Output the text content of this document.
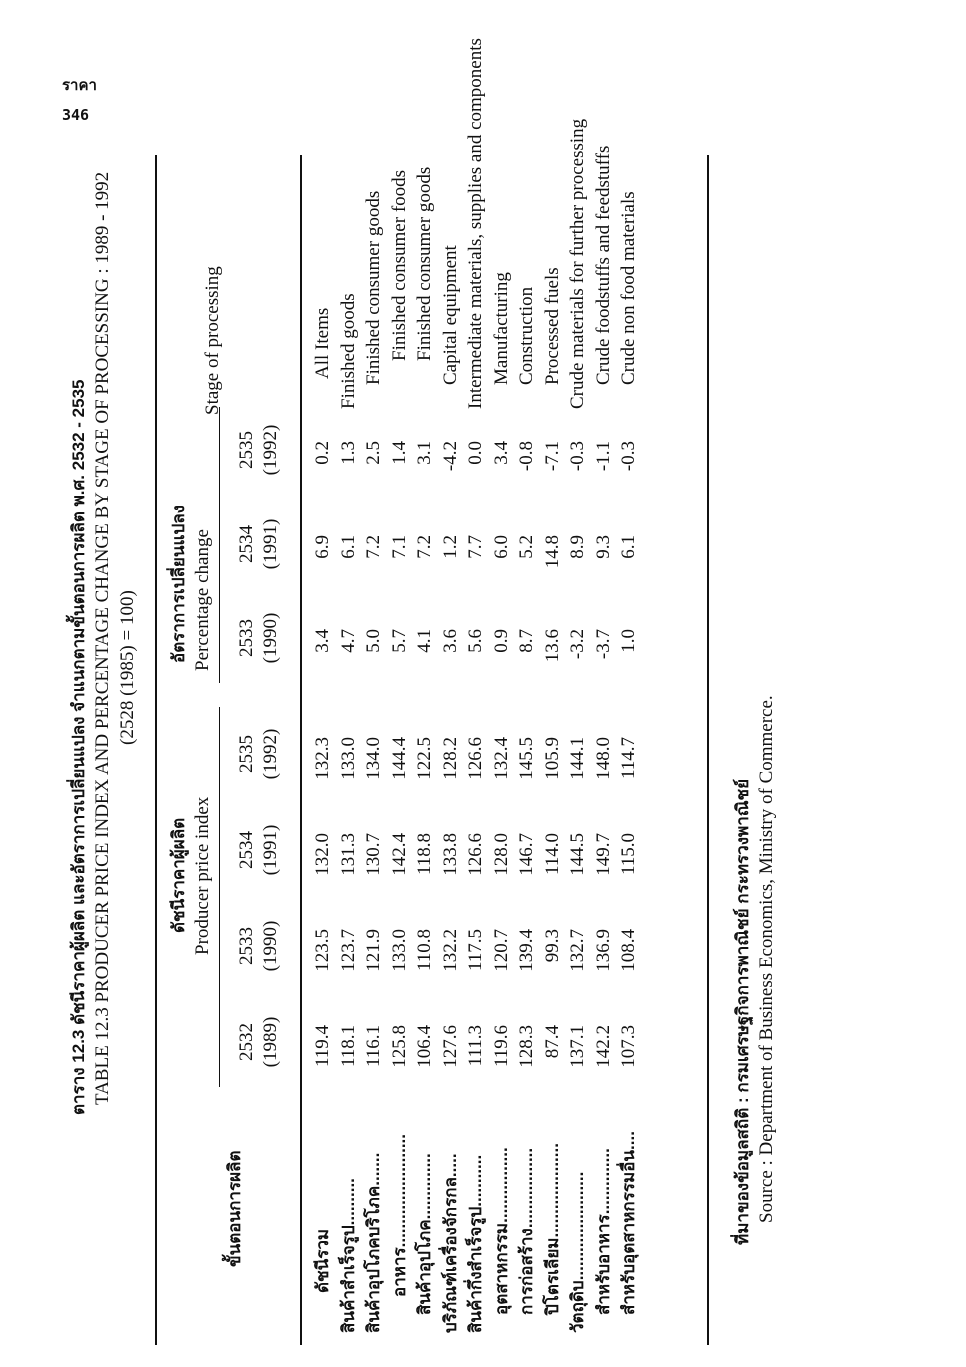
ราคา
346
ตาราง 12.3 ดัชนีราคาผู้ผลิต และอัตราการเปลี่ยนแปลง จำแนกตามขั้นตอนการผลิต พ.ศ. 2532 - 2535 TABLE 12.3 PRODUCER PRICE INDEX AND PERCENTAGE CHANGE BY STAGE OF PROCESSING : 1989 - 1992 (2528 (1985) = 100)
ขั้นตอนการผลิต
ดัชนีราคาผู้ผลิต Producer price index
อัตราการเปลี่ยนแปลง Percentage change
Stage of processing
2532 (1989)
2533 (1990)
2534 (1991)
2535 (1992)
2533 (1990)
2534 (1991)
2535 (1992)
ดัชนีรวม
119.4
123.5
132.0
132.3
3.4
6.9
0.2
All Items
สินค้าสำเร็จรูป..........
118.1
123.7
131.3
133.0
4.7
6.1
1.3
Finished goods
สินค้าอุปโภคบริโภค.......
116.1
121.9
130.7
134.0
5.0
7.2
2.5
Finished consumer goods
อาหาร........................
125.8
133.0
142.4
144.4
5.7
7.1
1.4
Finished consumer foods
สินค้าอุปโภค..............
106.4
110.8
118.8
122.5
4.1
7.2
3.1
Finished consumer goods
บริภัณฑ์เครื่องจักรกล.....
127.6
132.2
133.8
128.2
3.6
1.2
-4.2
Capital equipment
สินค้ากึ่งสำเร็จรูป...........
111.3
117.5
126.6
126.6
5.6
7.7
0.0
Intermediate materials, supplies and components
อุตสาหกรรม................
119.6
120.7
128.0
132.4
0.9
6.0
3.4
Manufacturing
การก่อสร้าง.................
128.3
139.4
146.7
145.5
8.7
5.2
-0.8
Construction
ปิโตรเลียม....................
87.4
99.3
114.0
105.9
13.6
14.8
-7.1
Processed fuels
วัตถุดิบ.......................
137.1
132.7
144.5
144.1
-3.2
8.9
-0.3
Crude materials for further processing
สำหรับอาหาร..............
142.2
136.9
149.7
148.0
-3.7
9.3
-1.1
Crude foodstuffs and feedstuffs
สำหรับอุตสาหกรรมอื่น....
107.3
108.4
115.0
114.7
1.0
6.1
-0.3
Crude non food materials
ที่มาของข้อมูลสถิติ : กรมเศรษฐกิจการพาณิชย์ กระทรวงพาณิชย์ Source : Department of Business Economics, Ministry of Commerce.
